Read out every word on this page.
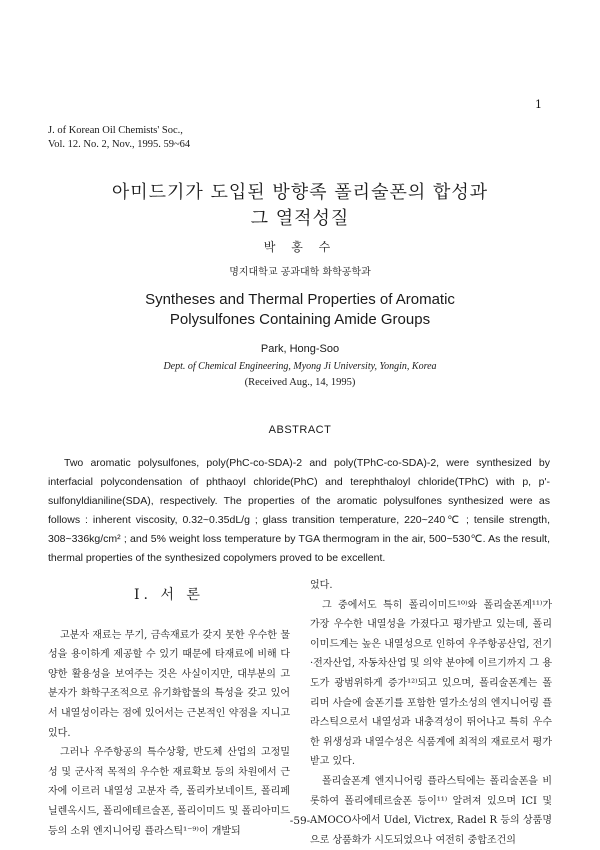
1
J. of Korean Oil Chemists' Soc.,
Vol. 12. No. 2, Nov., 1995. 59~64
아미드기가 도입된 방향족 폴리술폰의 합성과
그 열적성질
박 홍 수
명지대학교 공과대학 화학공학과
Syntheses and Thermal Properties of Aromatic
Polysulfones Containing Amide Groups
Park, Hong-Soo
Dept. of Chemical Engineering, Myong Ji University, Yongin, Korea
(Received Aug., 14, 1995)
ABSTRACT
Two aromatic polysulfones, poly(PhC-co-SDA)-2 and poly(TPhC-co-SDA)-2, were synthesized by interfacial polycondensation of phthaoyl chloride(PhC) and terephthaloyl chloride(TPhC) with p, p'-sulfonyldianiline(SDA), respectively. The properties of the aromatic polysulfones synthesized were as follows : inherent viscosity, 0.32~0.35dL/g ; glass transition temperature, 220~240℃ ; tensile strength, 308~336kg/cm² ; and 5% weight loss temperature by TGA thermogram in the air, 500~530℃. As the result, thermal properties of the synthesized copolymers proved to be excellent.
Ⅰ. 서 론

고분자 재료는 무기, 금속재료가 갖지 못한 우수한 물성을 용이하게 제공할 수 있기 때문에 타재료에 비해 다양한 활용성을 보여주는 것은 사실이지만, 대부분의 고분자가 화학구조적으로 유기화합물의 특성을 갖고 있어서 내열성이라는 점에 있어서는 근본적인 약점을 지니고 있다.

그러나 우주항공의 특수상황, 반도체 산업의 고정밀성 및 군사적 목적의 우수한 재료확보 등의 차원에서 근자에 이르러 내열성 고분자 즉, 폴리카보네이트, 폴리페닐렌옥시드, 폴리에테르술폰, 폴리이미드 및 폴리아미드 등의 소위 엔지니어링 플라스틱¹⁻⁹⁾이 개발되

었다.

그 중에서도 특히 폴리이미드¹⁰⁾와 폴리술폰계¹¹⁾가 가장 우수한 내열성을 가졌다고 평가받고 있는데, 폴리이미드계는 높은 내열성으로 인하여 우주항공산업, 전기·전자산업, 자동차산업 및 의약 분야에 이르기까지 그 용도가 광범위하게 증가¹²⁾되고 있으며, 폴리술폰계는 폴리머 사슬에 술폰기를 포함한 열가소성의 엔지니어링 플라스틱으로서 내열성과 내충격성이 뛰어나고 특히 우수한 위생성과 내열수성은 식품계에 최적의 재료로서 평가받고 있다.

폴리술폰계 엔지니어링 플라스틱에는 폴리술폰을 비롯하여 폴리에테르술폰 등이¹¹⁾ 알려져 있으며 ICI 및 AMOCO사에서 Udel, Victrex, Radel R 등의 상품명으로 상품화가 시도되었으나 여전히 중합조건의

-59-
